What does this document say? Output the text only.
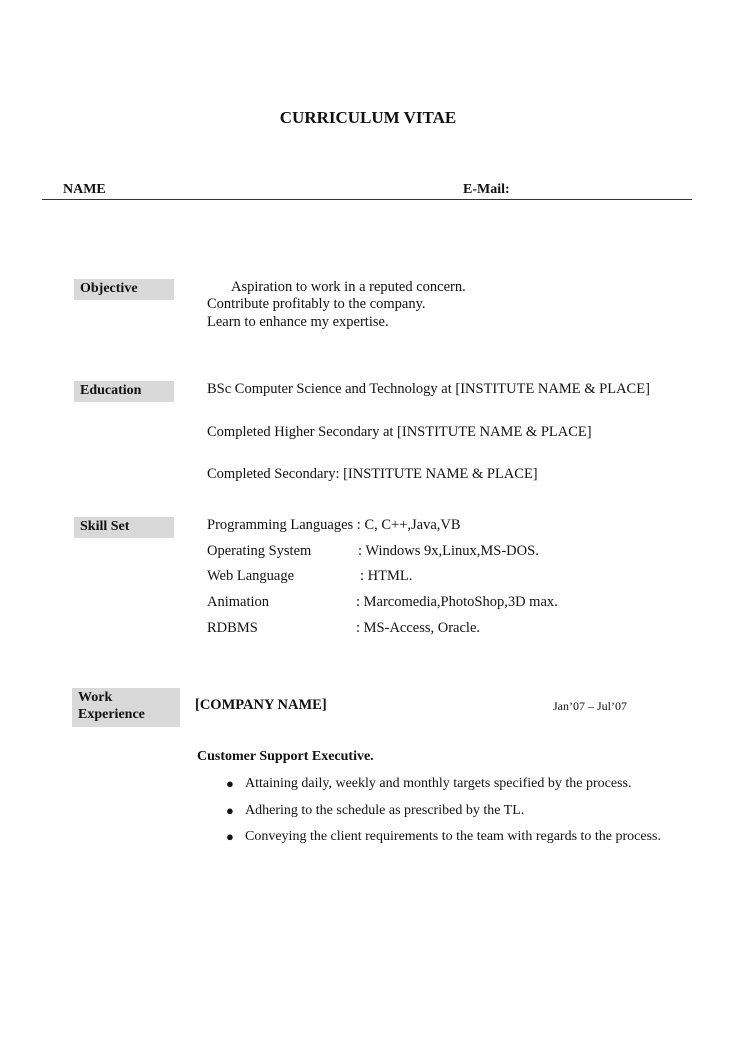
CURRICULUM VITAE
NAME	E-Mail:
Objective	Aspiration to work in a reputed concern.
Contribute profitably to the company.
Learn to enhance my expertise.
Education	BSc Computer Science and Technology at [INSTITUTE NAME & PLACE]
Completed Higher Secondary at [INSTITUTE NAME & PLACE]
Completed Secondary: [INSTITUTE NAME & PLACE]
Skill Set	Programming Languages : C, C++,Java,VB
Operating System	: Windows 9x,Linux,MS-DOS.
Web Language	: HTML.
Animation	: Marcomedia,PhotoShop,3D max.
RDBMS	: MS-Access, Oracle.
Work
Experience
[COMPANY NAME]	Jan’07 – Jul’07
Customer Support Executive.
● Attaining daily, weekly and monthly targets specified by the process.
● Adhering to the schedule as prescribed by the TL.
● Conveying the client requirements to the team with regards to the process.
